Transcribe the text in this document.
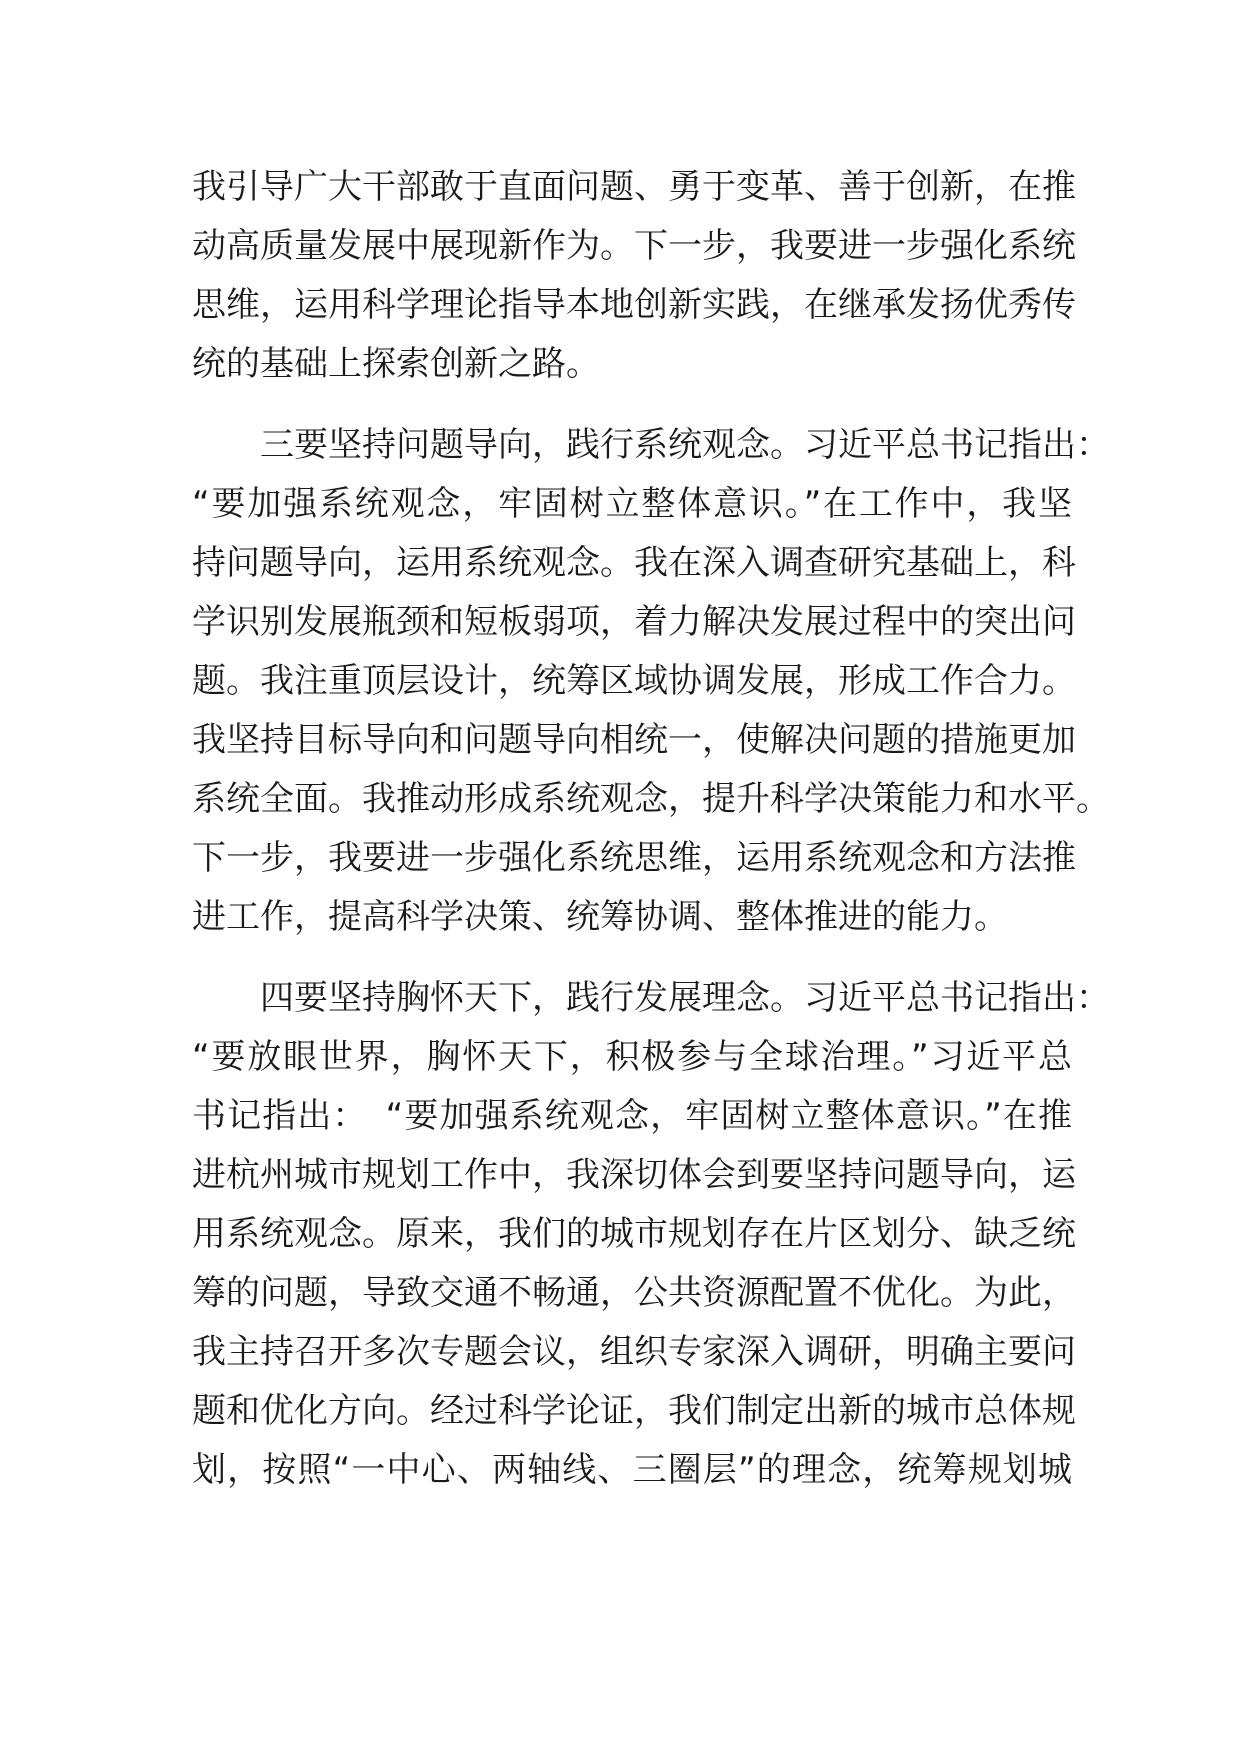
我引导广大干部敢于直面问题、勇于变革、善于创新，在推
动高质量发展中展现新作为。下一步，我要进一步强化系统
思维，运用科学理论指导本地创新实践，在继承发扬优秀传
统的基础上探索创新之路。
　　三要坚持问题导向，践行系统观念。习近平总书记指出：
“要加强系统观念，牢固树立整体意识。”在工作中，我坚
持问题导向，运用系统观念。我在深入调查研究基础上，科
学识别发展瓶颈和短板弱项，着力解决发展过程中的突出问
题。我注重顶层设计，统筹区域协调发展，形成工作合力。
我坚持目标导向和问题导向相统一，使解决问题的措施更加
系统全面。我推动形成系统观念，提升科学决策能力和水平。
下一步，我要进一步强化系统思维，运用系统观念和方法推
进工作，提高科学决策、统筹协调、整体推进的能力。
　　四要坚持胸怀天下，践行发展理念。习近平总书记指出：
“要放眼世界，胸怀天下，积极参与全球治理。”习近平总
书记指出：　“要加强系统观念，牢固树立整体意识。”在推
进杭州城市规划工作中，我深切体会到要坚持问题导向，运
用系统观念。原来，我们的城市规划存在片区划分、缺乏统
筹的问题，导致交通不畅通，公共资源配置不优化。为此，
我主持召开多次专题会议，组织专家深入调研，明确主要问
题和优化方向。经过科学论证，我们制定出新的城市总体规
划，按照“一中心、两轴线、三圈层”的理念，统筹规划城
